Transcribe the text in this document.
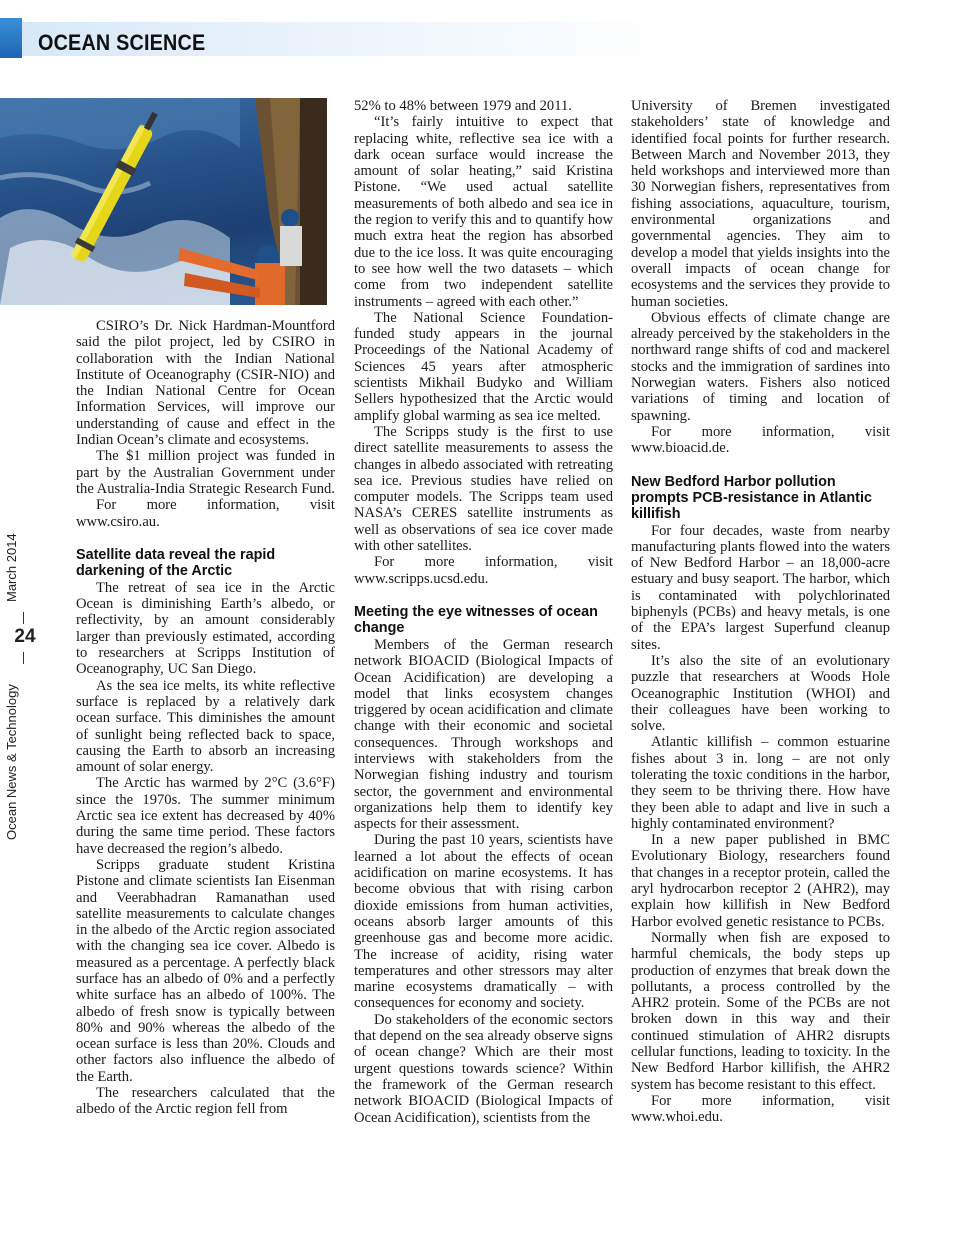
OCEAN SCIENCE
March 2014
24
Ocean News & Technology

CSIRO’s Dr. Nick Hardman-Mountford said the pilot project, led by CSIRO in collaboration with the Indian National Institute of Oceanography (CSIR-NIO) and the Indian National Centre for Ocean Information Services, will improve our understanding of cause and effect in the Indian Ocean’s climate and ecosystems.

The $1 million project was funded in part by the Australian Government under the Australia-India Strategic Research Fund.

For more information, visit www.csiro.au.

Satellite data reveal the rapid darkening of the Arctic

The retreat of sea ice in the Arctic Ocean is diminishing Earth’s albedo, or reflectivity, by an amount considerably larger than previously estimated, according to researchers at Scripps Institution of Oceanography, UC San Diego.

As the sea ice melts, its white reflective surface is replaced by a relatively dark ocean surface. This diminishes the amount of sunlight being reflected back to space, causing the Earth to absorb an increasing amount of solar energy.

The Arctic has warmed by 2°C (3.6°F) since the 1970s. The summer minimum Arctic sea ice extent has decreased by 40% during the same time period. These factors have decreased the region’s albedo.

Scripps graduate student Kristina Pistone and climate scientists Ian Eisenman and Veerabhadran Ramanathan used satellite measurements to calculate changes in the albedo of the Arctic region associated with the changing sea ice cover. Albedo is measured as a percentage. A perfectly black surface has an albedo of 0% and a perfectly white surface has an albedo of 100%. The albedo of fresh snow is typically between 80% and 90% whereas the albedo of the ocean surface is less than 20%. Clouds and other factors also influence the albedo of the Earth.

The researchers calculated that the albedo of the Arctic region fell from

52% to 48% between 1979 and 2011.

“It’s fairly intuitive to expect that replacing white, reflective sea ice with a dark ocean surface would increase the amount of solar heating,” said Kristina Pistone. “We used actual satellite measurements of both albedo and sea ice in the region to verify this and to quantify how much extra heat the region has absorbed due to the ice loss. It was quite encouraging to see how well the two datasets – which come from two independent satellite instruments – agreed with each other.”

The National Science Foundation-funded study appears in the journal Proceedings of the National Academy of Sciences 45 years after atmospheric scientists Mikhail Budyko and William Sellers hypothesized that the Arctic would amplify global warming as sea ice melted.

The Scripps study is the first to use direct satellite measurements to assess the changes in albedo associated with retreating sea ice. Previous studies have relied on computer models. The Scripps team used NASA’s CERES satellite instruments as well as observations of sea ice cover made with other satellites.

For more information, visit www.scripps.ucsd.edu.

Meeting the eye witnesses of ocean change

Members of the German research network BIOACID (Biological Impacts of Ocean Acidification) are developing a model that links ecosystem changes triggered by ocean acidification and climate change with their economic and societal consequences. Through workshops and interviews with stakeholders from the Norwegian fishing industry and tourism sector, the government and environmental organizations help them to identify key aspects for their assessment.

During the past 10 years, scientists have learned a lot about the effects of ocean acidification on marine ecosystems. It has become obvious that with rising carbon dioxide emissions from human activities, oceans absorb larger amounts of this greenhouse gas and become more acidic. The increase of acidity, rising water temperatures and other stressors may alter marine ecosystems dramatically – with consequences for economy and society.

Do stakeholders of the economic sectors that depend on the sea already observe signs of ocean change? Which are their most urgent questions towards science? Within the framework of the German research network BIOACID (Biological Impacts of Ocean Acidification), scientists from the

University of Bremen investigated stakeholders’ state of knowledge and identified focal points for further research. Between March and November 2013, they held workshops and interviewed more than 30 Norwegian fishers, representatives from fishing associations, aquaculture, tourism, environmental organizations and governmental agencies. They aim to develop a model that yields insights into the overall impacts of ocean change for ecosystems and the services they provide to human societies.

Obvious effects of climate change are already perceived by the stakeholders in the northward range shifts of cod and mackerel stocks and the immigration of sardines into Norwegian waters. Fishers also noticed variations of timing and location of spawning.

For more information, visit www.bioacid.de.

New Bedford Harbor pollution prompts PCB-resistance in Atlantic killifish

For four decades, waste from nearby manufacturing plants flowed into the waters of New Bedford Harbor – an 18,000-acre estuary and busy seaport. The harbor, which is contaminated with polychlorinated biphenyls (PCBs) and heavy metals, is one of the EPA’s largest Superfund cleanup sites.

It’s also the site of an evolutionary puzzle that researchers at Woods Hole Oceanographic Institution (WHOI) and their colleagues have been working to solve.

Atlantic killifish – common estuarine fishes about 3 in. long – are not only tolerating the toxic conditions in the harbor, they seem to be thriving there. How have they been able to adapt and live in such a highly contaminated environment?

In a new paper published in BMC Evolutionary Biology, researchers found that changes in a receptor protein, called the aryl hydrocarbon receptor 2 (AHR2), may explain how killifish in New Bedford Harbor evolved genetic resistance to PCBs.

Normally when fish are exposed to harmful chemicals, the body steps up production of enzymes that break down the pollutants, a process controlled by the AHR2 protein. Some of the PCBs are not broken down in this way and their continued stimulation of AHR2 disrupts cellular functions, leading to toxicity. In the New Bedford Harbor killifish, the AHR2 system has become resistant to this effect.

For more information, visit www.whoi.edu.
